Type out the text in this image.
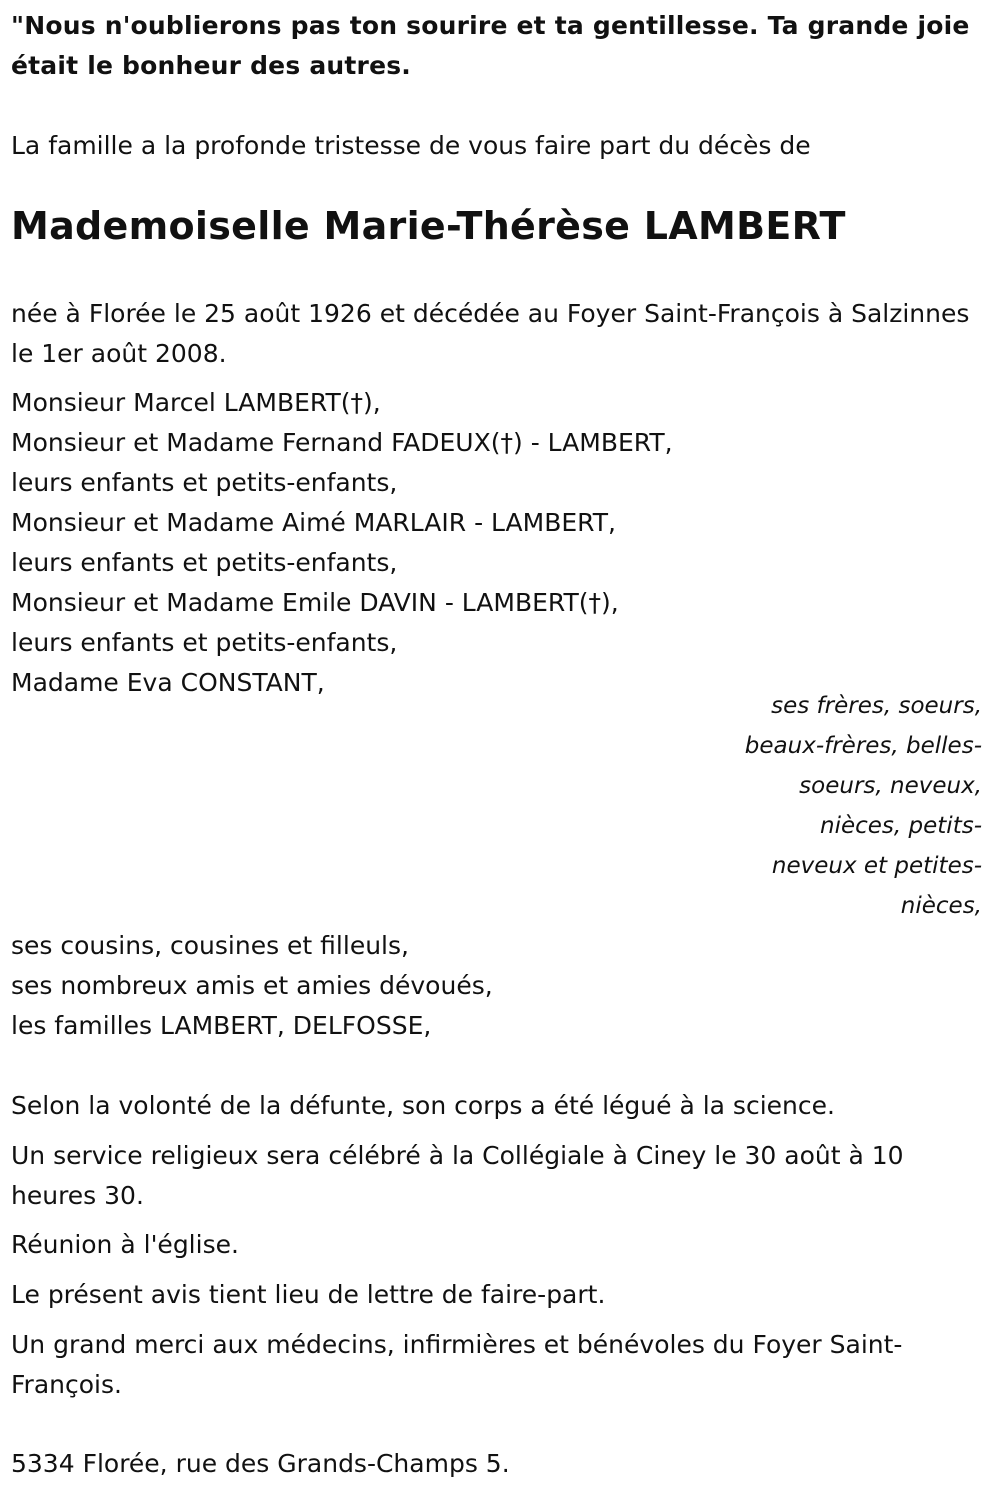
"Nous n'oublierons pas ton sourire et ta gentillesse. Ta grande joie était le bonheur des autres.
La famille a la profonde tristesse de vous faire part du décès de
Mademoiselle Marie-Thérèse LAMBERT
née à Florée le 25 août 1926 et décédée au Foyer Saint-François à Salzinnes le 1er août 2008.
Monsieur Marcel LAMBERT(†),
Monsieur et Madame Fernand FADEUX(†) - LAMBERT,
leurs enfants et petits-enfants,
Monsieur et Madame Aimé MARLAIR - LAMBERT,
leurs enfants et petits-enfants,
Monsieur et Madame Emile DAVIN - LAMBERT(†),
leurs enfants et petits-enfants,
Madame Eva CONSTANT,
ses frères, soeurs,
beaux-frères, belles-
soeurs, neveux,
nièces, petits-
neveux et petites-
nièces,
ses cousins, cousines et filleuls,
ses nombreux amis et amies dévoués,
les familles LAMBERT, DELFOSSE,
Selon la volonté de la défunte, son corps a été légué à la science.
Un service religieux sera célébré à la Collégiale à Ciney le 30 août à 10 heures 30.
Réunion à l'église.
Le présent avis tient lieu de lettre de faire-part.
Un grand merci aux médecins, infirmières et bénévoles du Foyer Saint-François.
5334 Florée, rue des Grands-Champs 5.
